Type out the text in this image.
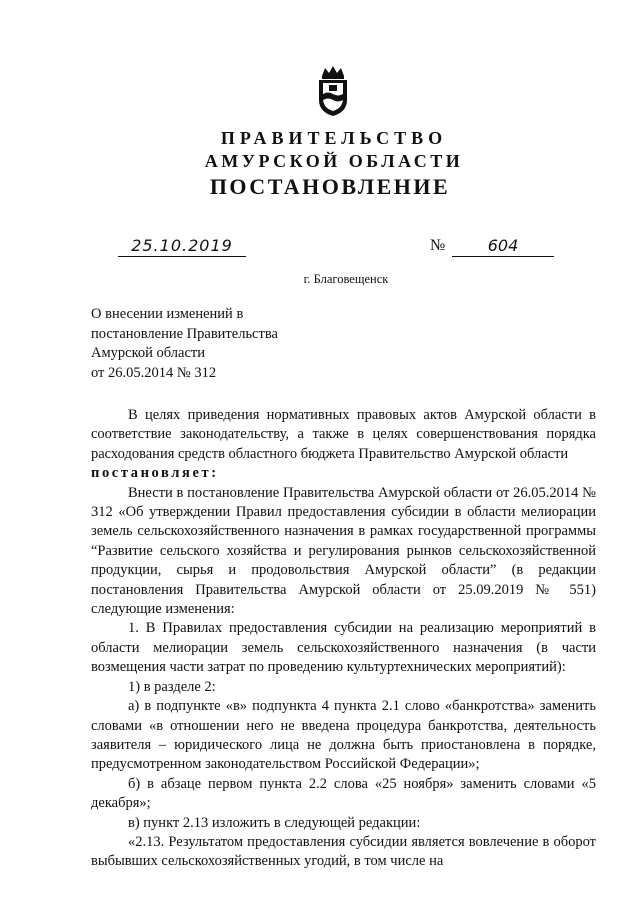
ПРАВИТЕЛЬСТВО
АМУРСКОЙ ОБЛАСТИ
ПОСТАНОВЛЕНИЕ
25.10.2019	№	604
г. Благовещенск
О внесении изменений в
постановление Правительства
Амурской области
от 26.05.2014 № 312

В целях приведения нормативных правовых актов Амурской области в соответствие законодательству, а также в целях совершенствования порядка расходования средств областного бюджета Правительство Амурской области

постановляет:

Внести в постановление Правительства Амурской области от 26.05.2014 № 312 «Об утверждении Правил предоставления субсидии в области мелиорации земель сельскохозяйственного назначения в рамках государственной программы “Развитие сельского хозяйства и регулирования рынков сельскохозяйственной продукции, сырья и продовольствия Амурской области” (в редакции постановления Правительства Амурской области от 25.09.2019 № 551) следующие изменения:

1. В Правилах предоставления субсидии на реализацию мероприятий в области мелиорации земель сельскохозяйственного назначения (в части возмещения части затрат по проведению культуртехнических мероприятий):

1) в разделе 2:

а) в подпункте «в» подпункта 4 пункта 2.1 слово «банкротства» заменить словами «в отношении него не введена процедура банкротства, деятельность заявителя – юридического лица не должна быть приостановлена в порядке, предусмотренном законодательством Российской Федерации»;

б) в абзаце первом пункта 2.2 слова «25 ноября» заменить словами «5 декабря»;

в) пункт 2.13 изложить в следующей редакции:

«2.13. Результатом предоставления субсидии является вовлечение в оборот выбывших сельскохозяйственных угодий, в том числе на
